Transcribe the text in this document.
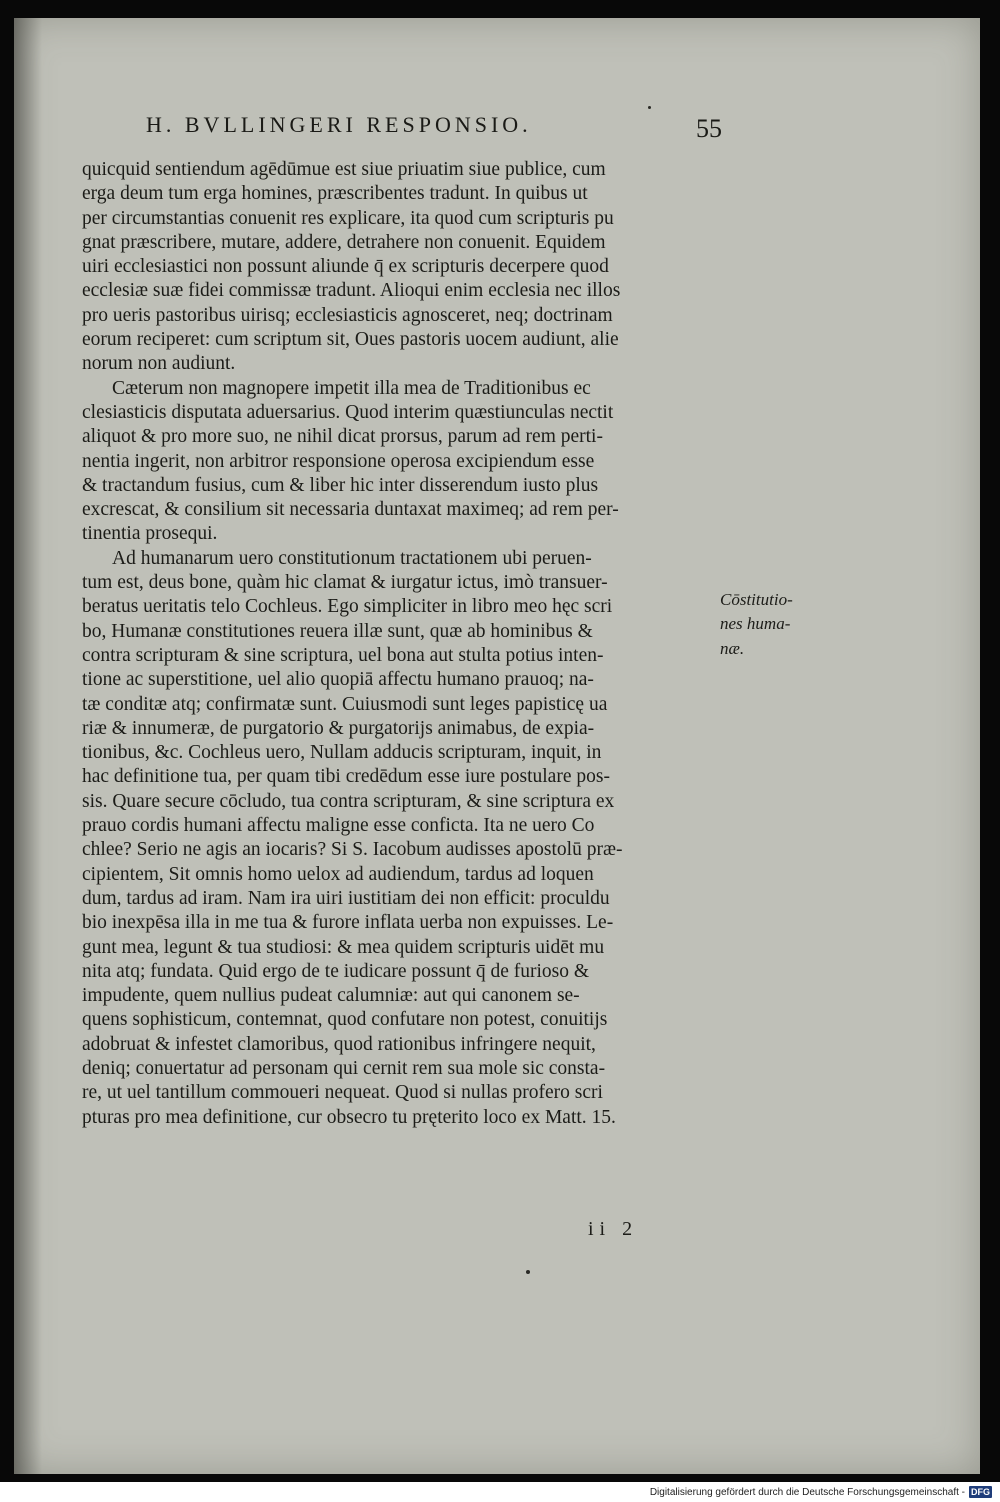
H. BVLLINGERI RESPONSIO.	55
quicquid sentiendum agēdūmue est siue priuatim siue publice, cum
erga deum tum erga homines, præscribentes tradunt. In quibus ut
per circumstantias conuenit res explicare, ita quod cum scripturis pu
gnat præscribere, mutare, addere, detrahere non conuenit. Equidem
uiri ecclesiastici non possunt aliunde q̄ ex scripturis decerpere quod
ecclesiæ suæ fidei commissæ tradunt. Alioqui enim ecclesia nec illos
pro ueris pastoribus uirisq; ecclesiasticis agnosceret, neq; doctrinam
eorum reciperet: cum scriptum sit, Oues pastoris uocem audiunt, alie
norum non audiunt.
Cæterum non magnopere impetit illa mea de Traditionibus ec
clesiasticis disputata aduersarius. Quod interim quæstiunculas nectit
aliquot & pro more suo, ne nihil dicat prorsus, parum ad rem perti-
nentia ingerit, non arbitror responsione operosa excipiendum esse
& tractandum fusius, cum & liber hic inter disserendum iusto plus
excrescat, & consilium sit necessaria duntaxat maximeq; ad rem per-
tinentia prosequi.
Ad humanarum uero constitutionum tractationem ubi peruen-
tum est, deus bone, quàm hic clamat & iurgatur ictus, imò transuer-
beratus ueritatis telo Cochleus. Ego simpliciter in libro meo hęc scri
bo, Humanæ constitutiones reuera illæ sunt, quæ ab hominibus &
contra scripturam & sine scriptura, uel bona aut stulta potius inten-
tione ac superstitione, uel alio quopiā affectu humano prauoq; na-
tæ conditæ atq; confirmatæ sunt. Cuiusmodi sunt leges papisticę ua
riæ & innumeræ, de purgatorio & purgatorijs animabus, de expia-
tionibus, &c. Cochleus uero, Nullam adducis scripturam, inquit, in
hac definitione tua, per quam tibi credēdum esse iure postulare pos-
sis. Quare secure cōcludo, tua contra scripturam, & sine scriptura ex
prauo cordis humani affectu maligne esse conficta. Ita ne uero Co
chlee? Serio ne agis an iocaris? Si S. Iacobum audisses apostolū præ-
cipientem, Sit omnis homo uelox ad audiendum, tardus ad loquen
dum, tardus ad iram. Nam ira uiri iustitiam dei non efficit: proculdu
bio inexpēsa illa in me tua & furore inflata uerba non expuisses. Le-
gunt mea, legunt & tua studiosi: & mea quidem scripturis uidēt mu
nita atq; fundata. Quid ergo de te iudicare possunt q̄ de furioso &
impudente, quem nullius pudeat calumniæ: aut qui canonem se-
quens sophisticum, contemnat, quod confutare non potest, conuitijs
adobruat & infestet clamoribus, quod rationibus infringere nequit,
deniq; conuertatur ad personam qui cernit rem sua mole sic consta-
re, ut uel tantillum commoueri nequeat. Quod si nullas profero scri
pturas pro mea definitione, cur obsecro tu pręterito loco ex Matt. 15.
Cōstitutio-
nes huma-
næ.
ii 2
Digitalisierung gefördert durch die Deutsche Forschungsgemeinschaft - DFG
